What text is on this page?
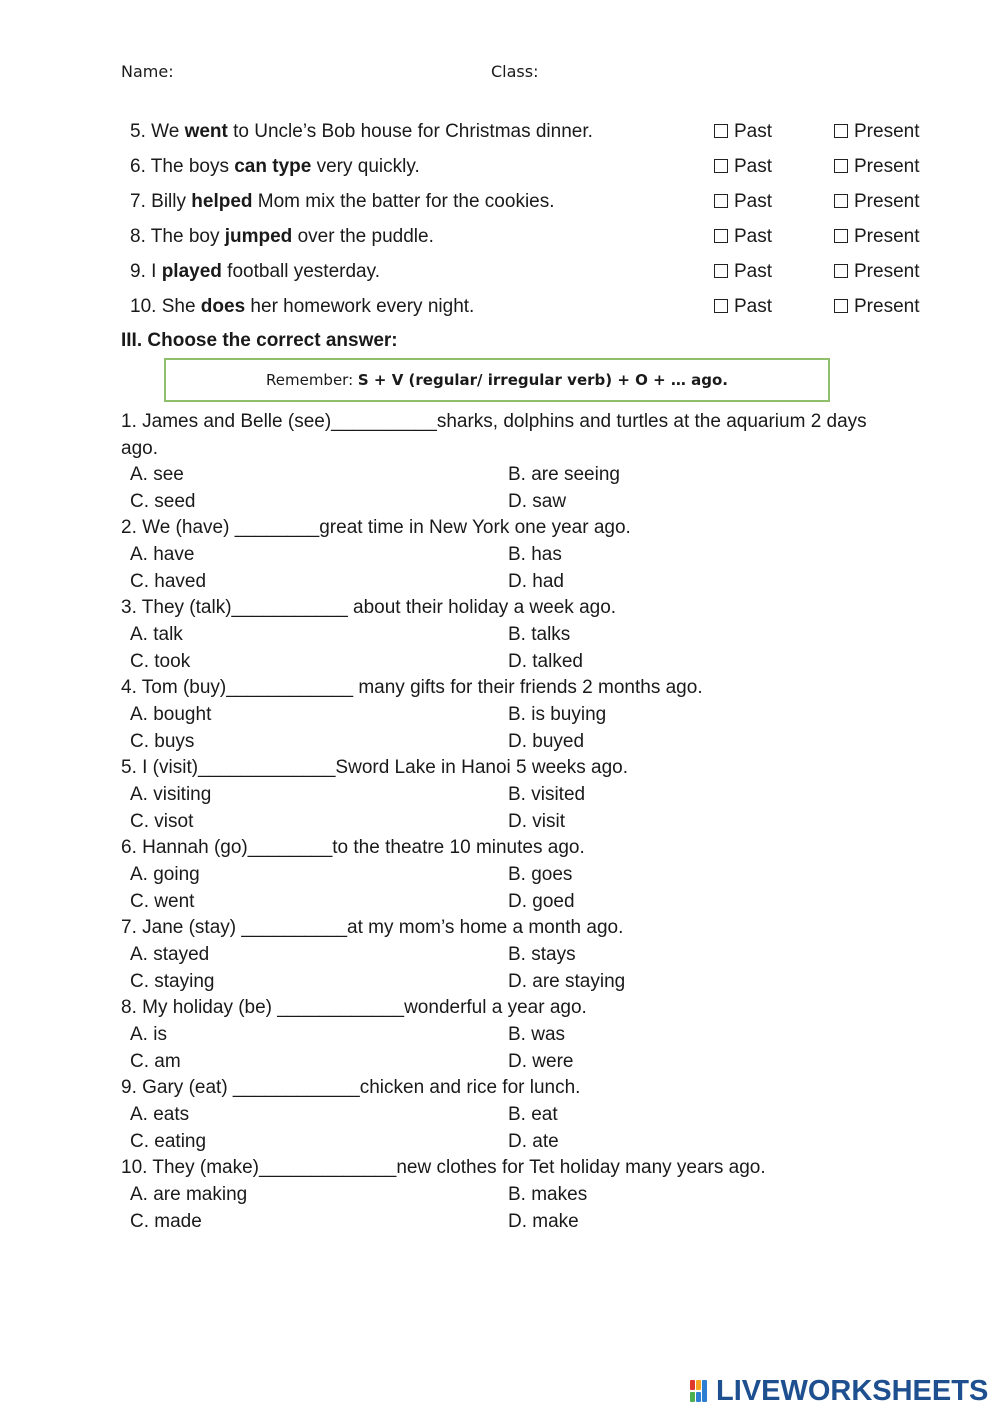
Name:	Class:
5. We went to Uncle’s Bob house for Christmas dinner.	Past	Present
6. The boys can type very quickly.	Past	Present
7. Billy helped Mom mix the batter for the cookies.	Past	Present
8. The boy jumped over the puddle.	Past	Present
9. I played football yesterday.	Past	Present
10. She does her homework every night.	Past	Present
III. Choose the correct answer:
Remember: S + V (regular/ irregular verb) + O + … ago.
1. James and Belle (see)__________sharks, dolphins and turtles at the aquarium 2 days ago.
A. see	B. are seeing
C. seed	D. saw
2. We (have) ________great time in New York one year ago.
A. have	B. has
C. haved	D. had
3. They (talk)___________ about their holiday a week ago.
A. talk	B. talks
C. took	D. talked
4. Tom (buy)____________ many gifts for their friends 2 months ago.
A. bought	B. is buying
C. buys	D. buyed
5. I (visit)_____________Sword Lake in Hanoi 5 weeks ago.
A. visiting	B. visited
C. visot	D. visit
6. Hannah (go)________to the theatre 10 minutes ago.
A. going	B. goes
C. went	D. goed
7. Jane (stay) __________at my mom’s home a month ago.
A. stayed	B. stays
C. staying	D. are staying
8. My holiday (be) ____________wonderful a year ago.
A. is	B. was
C. am	D. were
9. Gary (eat) ____________chicken and rice for lunch.
A. eats	B. eat
C. eating	D. ate
10. They (make)_____________new clothes for Tet holiday many years ago.
A. are making	B. makes
C. made	D. make
LIVEWORKSHEETS
